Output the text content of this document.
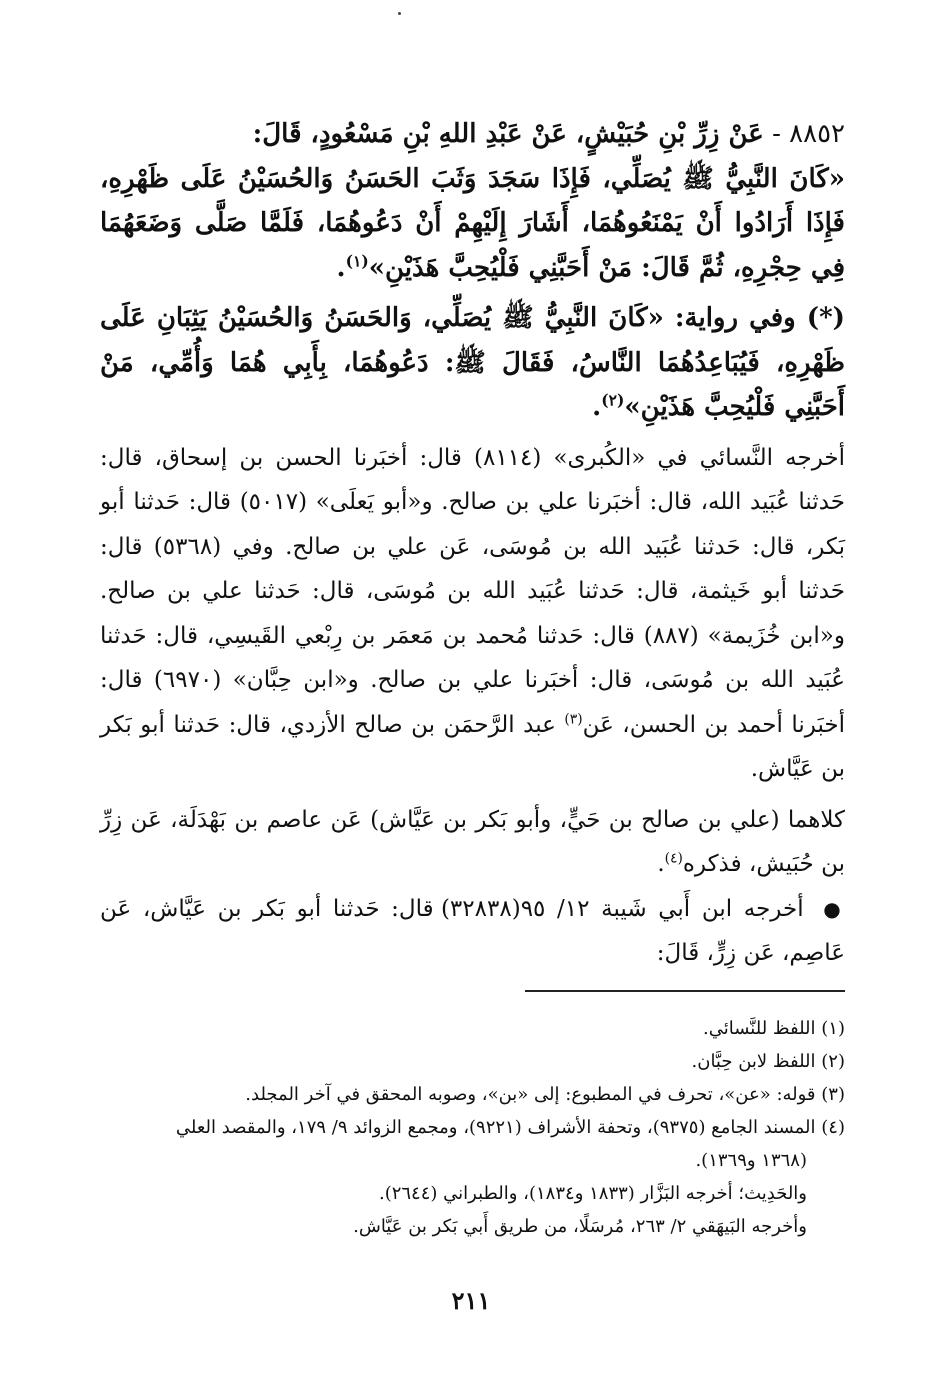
٨٨٥٢ - عَنْ زِرِّ بْنِ حُبَيْشٍ، عَنْ عَبْدِ اللهِ بْنِ مَسْعُودٍ، قَالَ:

«كَانَ النَّبِيُّ ﷺ يُصَلِّي، فَإِذَا سَجَدَ وَثَبَ الحَسَنُ وَالحُسَيْنُ عَلَى ظَهْرِهِ، فَإِذَا أَرَادُوا أَنْ يَمْنَعُوهُمَا، أَشَارَ إِلَيْهِمْ أَنْ دَعُوهُمَا، فَلَمَّا صَلَّى وَضَعَهُمَا فِي حِجْرِهِ، ثُمَّ قَالَ: مَنْ أَحَبَّنِي فَلْيُحِبَّ هَذَيْنِ»$^{(١)}$.

(*) وفي رواية: «كَانَ النَّبِيُّ ﷺ يُصَلِّي، وَالحَسَنُ وَالحُسَيْنُ يَثِبَانِ عَلَى ظَهْرِهِ، فَيُبَاعِدُهُمَا النَّاسُ، فَقَالَ ﷺ: دَعُوهُمَا، بِأَبِي هُمَا وَأُمِّي، مَنْ أَحَبَّنِي فَلْيُحِبَّ هَذَيْنِ»$^{(٢)}$.

أخرجه النَّسائي في «الكُبرى» (٨١١٤) قال: أخبَرنا الحسن بن إسحاق، قال: حَدثنا عُبَيد الله، قال: أخبَرنا علي بن صالح. و«أبو يَعلَى» (٥٠١٧) قال: حَدثنا أبو بَكر، قال: حَدثنا عُبَيد الله بن مُوسَى، عَن علي بن صالح. وفي (٥٣٦٨) قال: حَدثنا أبو خَيثمة، قال: حَدثنا عُبَيد الله بن مُوسَى، قال: حَدثنا علي بن صالح. و«ابن خُزَيمة» (٨٨٧) قال: حَدثنا مُحمد بن مَعمَر بن رِبْعي القَيسِي، قال: حَدثنا عُبَيد الله بن مُوسَى، قال: أخبَرنا علي بن صالح. و«ابن حِبَّان» (٦٩٧٠) قال: أخبَرنا أحمد بن الحسن، عَن$^{(٣)}$ عبد الرَّحمَن بن صالح الأزدي، قال: حَدثنا أبو بَكر بن عَيَّاش.

كلاهما (علي بن صالح بن حَيٍّ، وأبو بَكر بن عَيَّاش) عَن عاصم بن بَهْدَلَة، عَن زِرِّ بن حُبَيش، فذكره$^{(٤)}$.

● أخرجه ابن أَبي شَيبة ١٢/ ٩٥(٣٢٨٣٨) قال: حَدثنا أبو بَكر بن عَيَّاش، عَن عَاصِم، عَن زِرٍّ، قَالَ:

(١) اللفظ للنَّسائي.

(٢) اللفظ لابن حِبَّان.

(٣) قوله: «عن»، تحرف في المطبوع: إلى «بن»، وصوبه المحقق في آخر المجلد.

(٤) المسند الجامع (٩٣٧٥)، وتحفة الأشراف (٩٢٢١)، ومجمع الزوائد ٩/ ١٧٩، والمقصد العلي

(١٣٦٨ و١٣٦٩).

والحَدِيث؛ أخرجه البَزَّار (١٨٣٣ و١٨٣٤)، والطبراني (٢٦٤٤).

وأخرجه البَيهَقي ٢/ ٢٦٣، مُرسَلًا، من طريق أَبي بَكر بن عَيَّاش.

٢١١
